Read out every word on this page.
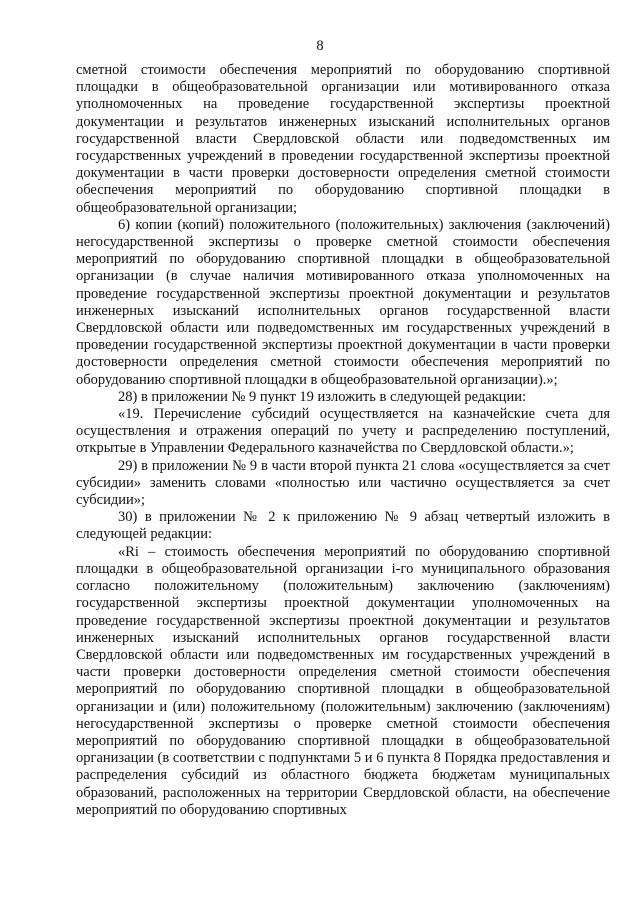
8

сметной стоимости обеспечения мероприятий по оборудованию спортивной площадки в общеобразовательной организации или мотивированного отказа уполномоченных на проведение государственной экспертизы проектной документации и результатов инженерных изысканий исполнительных органов государственной власти Свердловской области или подведомственных им государственных учреждений в проведении государственной экспертизы проектной документации в части проверки достоверности определения сметной стоимости обеспечения мероприятий по оборудованию спортивной площадки в общеобразовательной организации;

6) копии (копий) положительного (положительных) заключения (заключений) негосударственной экспертизы о проверке сметной стоимости обеспечения мероприятий по оборудованию спортивной площадки в общеобразовательной организации (в случае наличия мотивированного отказа уполномоченных на проведение государственной экспертизы проектной документации и результатов инженерных изысканий исполнительных органов государственной власти Свердловской области или подведомственных им государственных учреждений в проведении государственной экспертизы проектной документации в части проверки достоверности определения сметной стоимости обеспечения мероприятий по оборудованию спортивной площадки в общеобразовательной организации).»;

28) в приложении № 9 пункт 19 изложить в следующей редакции:

«19. Перечисление субсидий осуществляется на казначейские счета для осуществления и отражения операций по учету и распределению поступлений, открытые в Управлении Федерального казначейства по Свердловской области.»;

29) в приложении № 9 в части второй пункта 21 слова «осуществляется за счет субсидии» заменить словами «полностью или частично осуществляется за счет субсидии»;

30) в приложении № 2 к приложению № 9 абзац четвертый изложить в следующей редакции:

«Ri – стоимость обеспечения мероприятий по оборудованию спортивной площадки в общеобразовательной организации i-го муниципального образования согласно положительному (положительным) заключению (заключениям) государственной экспертизы проектной документации уполномоченных на проведение государственной экспертизы проектной документации и результатов инженерных изысканий исполнительных органов государственной власти Свердловской области или подведомственных им государственных учреждений в части проверки достоверности определения сметной стоимости обеспечения мероприятий по оборудованию спортивной площадки в общеобразовательной организации и (или) положительному (положительным) заключению (заключениям) негосударственной экспертизы о проверке сметной стоимости обеспечения мероприятий по оборудованию спортивной площадки в общеобразовательной организации (в соответствии с подпунктами 5 и 6 пункта 8 Порядка предоставления и распределения субсидий из областного бюджета бюджетам муниципальных образований, расположенных на территории Свердловской области, на обеспечение мероприятий по оборудованию спортивных
